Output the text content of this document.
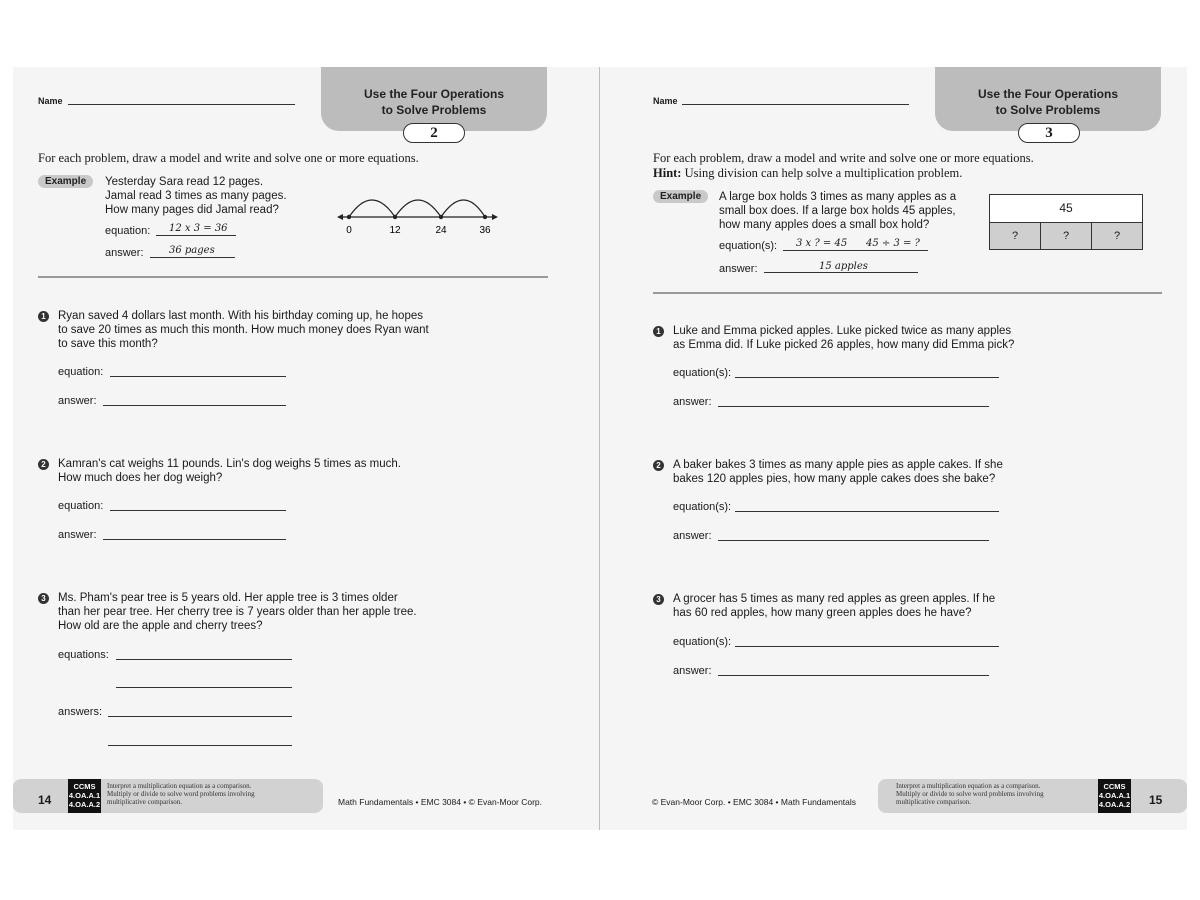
Name	Use the Four Operations
to Solve Problems
2
For each problem, draw a model and write and solve one or more equations.
Example	Yesterday Sara read 12 pages.
Jamal read 3 times as many pages.
How many pages did Jamal read?
equation: 12 x 3 = 36
answer:	36 pages
0	12	24	36
1 Ryan saved 4 dollars last month. With his birthday coming up, he hopes
to save 20 times as much this month. How much money does Ryan want
to save this month?
equation:
answer:
2 Kamran's cat weighs 11 pounds. Lin's dog weighs 5 times as much.
How much does her dog weigh?
equation:
answer:
3 Ms. Pham's pear tree is 5 years old. Her apple tree is 3 times older
than her pear tree. Her cherry tree is 7 years older than her apple tree.
How old are the apple and cherry trees?
equations:
answers:
14
CCMS
4.OA.A.1
4.OA.A.2
Interpret a multiplication equation as a comparison. Multiply or divide to solve word problems involving multiplicative comparison.	Math Fundamentals • EMC 3084 • © Evan-Moor Corp.
Name	Use the Four Operations
to Solve Problems
3
For each problem, draw a model and write and solve one or more equations.
Hint: Using division can help solve a multiplication problem.
Example	A large box holds 3 times as many apples as a
small box does. If a large box holds 45 apples,
how many apples does a small box hold?
equation(s): 3 x ? = 45 45 ÷ 3 = ?
answer:	15 apples
45
?	?	?
1 Luke and Emma picked apples. Luke picked twice as many apples
as Emma did. If Luke picked 26 apples, how many did Emma pick?
equation(s):
answer:
2 A baker bakes 3 times as many apple pies as apple cakes. If she
bakes 120 apples pies, how many apple cakes does she bake?
equation(s):
answer:
3 A grocer has 5 times as many red apples as green apples. If he
has 60 red apples, how many green apples does he have?
equation(s):
answer:
© Evan-Moor Corp. • EMC 3084 • Math Fundamentals
Interpret a multiplication equation as a comparison. Multiply or divide to solve word problems involving multiplicative comparison.
CCMS
4.OA.A.1
4.OA.A.2 15
